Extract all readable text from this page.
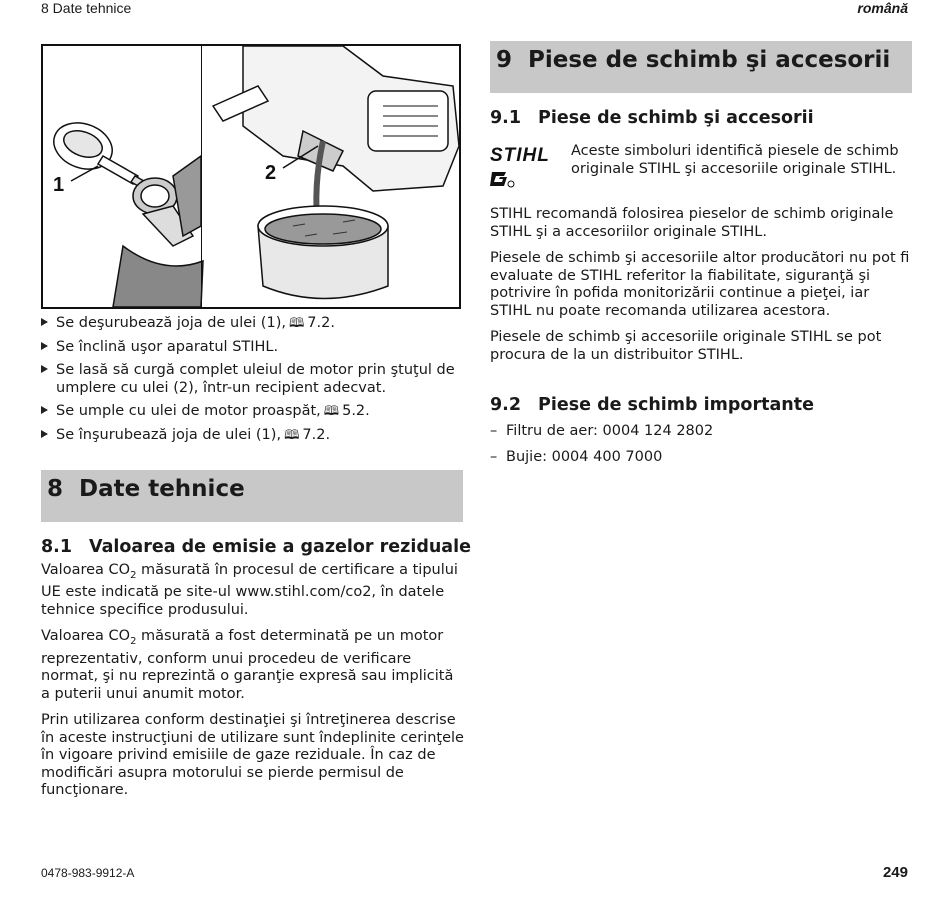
8 Date tehnice	română
1
2
Se deşurubează joja de ulei (1), 🕮 7.2.
Se înclină uşor aparatul STIHL.
Se lasă să curgă complet uleiul de motor prin ştuţul de umplere cu ulei (2), într-un recipient adecvat.
Se umple cu ulei de motor proaspăt, 🕮 5.2.
Se înşurubează joja de ulei (1), 🕮 7.2.
8 Date tehnice
8.1 Valoarea de emisie a gazelor reziduale

Valoarea $CO_2$ măsurată în procesul de certificare a tipului UE este indicată pe site-ul www.stihl.com/co2, în datele tehnice specifice produsului.

Valoarea $CO_2$ măsurată a fost determinată pe un motor reprezentativ, conform unui procedeu de verificare normat, şi nu reprezintă o garanţie expresă sau implicită a puterii unui anumit motor.

Prin utilizarea conform destinaţiei şi întreţinerea descrise în aceste instrucţiuni de utilizare sunt îndeplinite cerinţele în vigoare privind emisiile de gaze reziduale. În caz de modificări asupra motorului se pierde permisul de funcţionare.

9 Piese de schimb şi accesorii
9.1 Piese de schimb şi accesorii
STIHL	Aceste simboluri identifică piesele de schimb originale STIHL şi accesoriile originale STIHL.

STIHL recomandă folosirea pieselor de schimb originale STIHL şi a accesoriilor originale STIHL.

Piesele de schimb şi accesoriile altor producători nu pot fi evaluate de STIHL referitor la fiabilitate, siguranţă şi potrivire în pofida monitorizării continue a pieţei, iar STIHL nu poate recomanda utilizarea acestora.

Piesele de schimb şi accesoriile originale STIHL se pot procura de la un distribuitor STIHL.

9.2 Piese de schimb importante
– Filtru de aer: 0004 124 2802
– Bujie: 0004 400 7000
0478-983-9912-A	249
